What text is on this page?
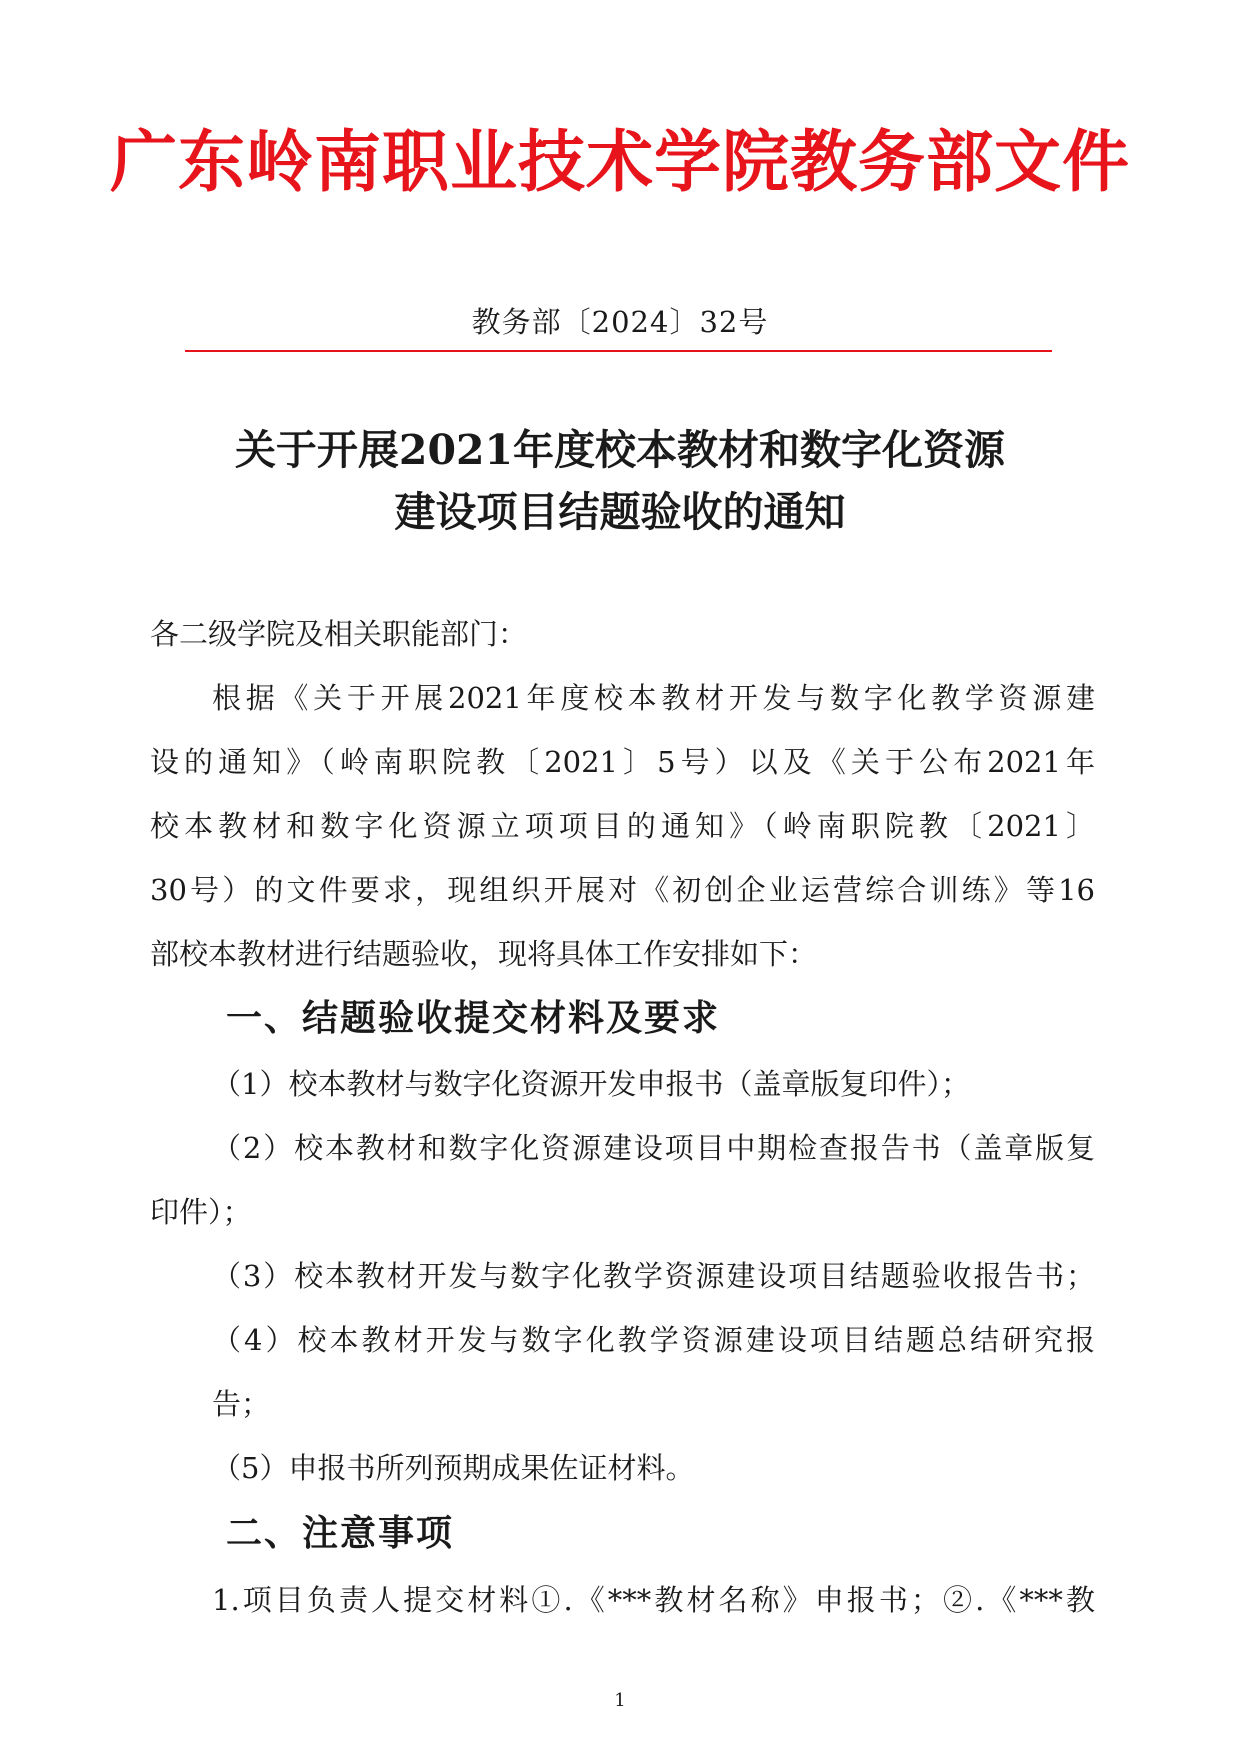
广东岭南职业技术学院教务部文件
教务部〔2024〕32号
关于开展2021年度校本教材和数字化资源
建设项目结题验收的通知
各二级学院及相关职能部门：
根据《关于开展2021年度校本教材开发与数字化教学资源建
设的通知》（岭南职院教〔2021〕5号）以及《关于公布2021年
校本教材和数字化资源立项项目的通知》（岭南职院教〔2021〕
30号）的文件要求，现组织开展对《初创企业运营综合训练》等16
部校本教材进行结题验收，现将具体工作安排如下：
一、结题验收提交材料及要求
（1）校本教材与数字化资源开发申报书（盖章版复印件）；
（2）校本教材和数字化资源建设项目中期检查报告书（盖章版复
印件）；
（3）校本教材开发与数字化教学资源建设项目结题验收报告书；
（4）校本教材开发与数字化教学资源建设项目结题总结研究报
告；
（5）申报书所列预期成果佐证材料。
二、注意事项
1.项目负责人提交材料①.《***教材名称》申报书；②.《***教
1
